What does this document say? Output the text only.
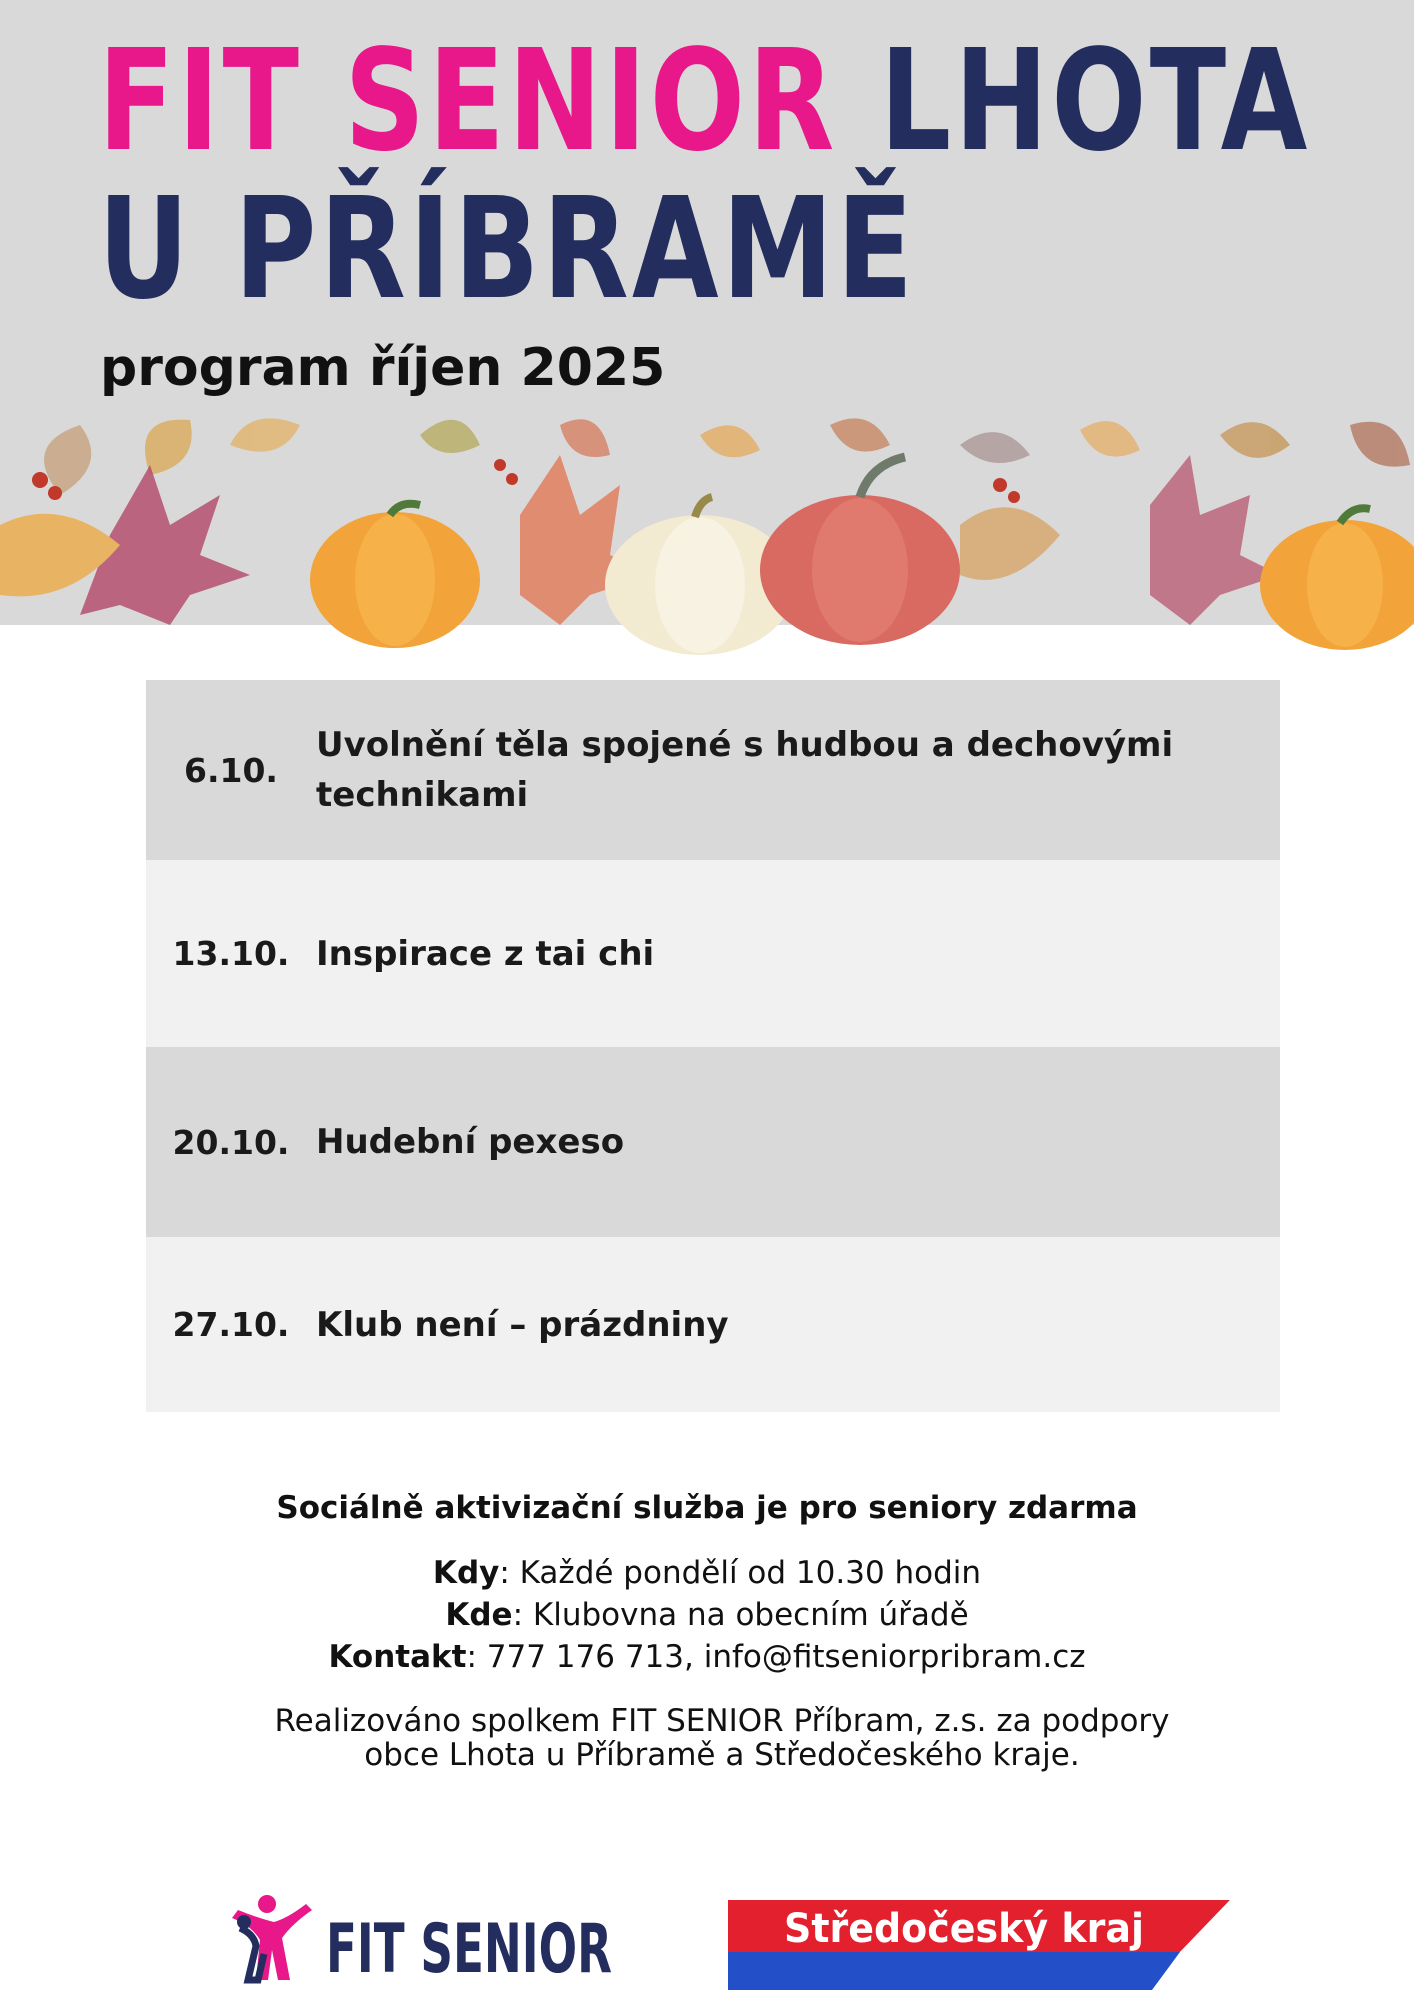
FIT SENIOR LHOTA
U PŘÍBRAMĚ
program říjen 2025
6.10.
Uvolnění těla spojené s hudbou a dechovými technikami
13.10. Inspirace z tai chi
20.10. Hudební pexeso
27.10. Klub není – prázdniny

Sociálně aktivizační služba je pro seniory zdarma

Kdy: Každé pondělí od 10.30 hodin

Kde: Klubovna na obecním úřadě

Kontakt: 777 176 713, info@fitseniorpribram.cz

Realizováno spolkem FIT SENIOR Příbram, z.s. za podpory
obce Lhota u Příbramě a Středočeského kraje.

FIT SENIOR	Středočeský kraj
